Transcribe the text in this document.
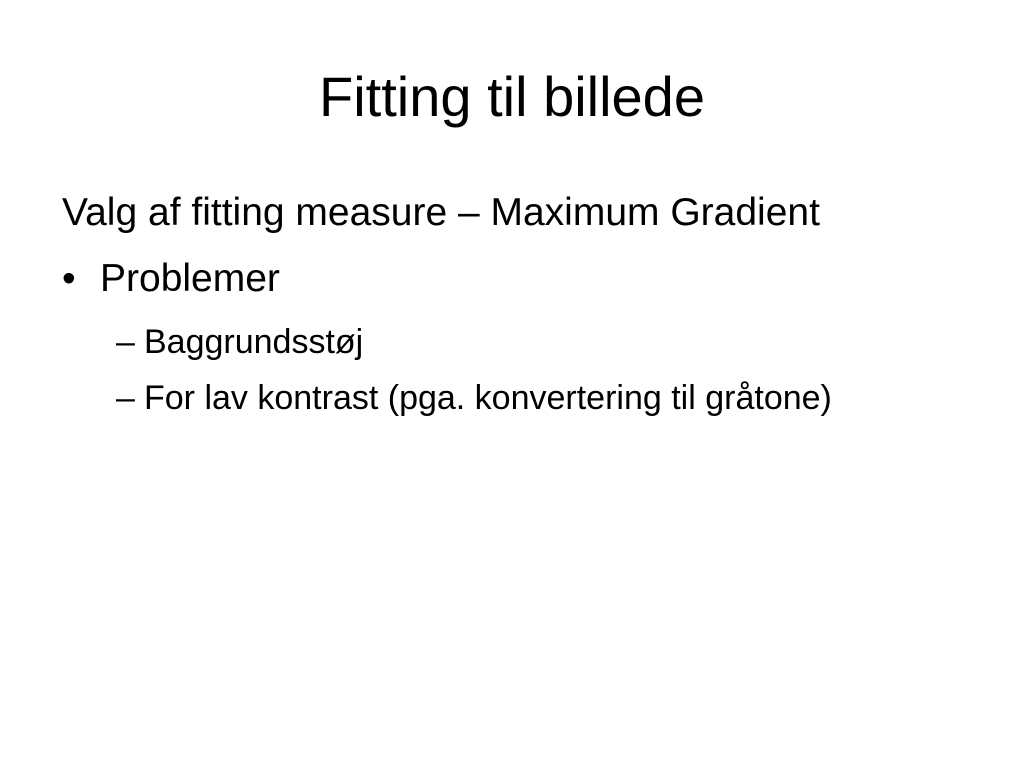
Fitting til billede
Valg af fitting measure – Maximum Gradient
• Problemer
– Baggrundsstøj
– For lav kontrast (pga. konvertering til gråtone)
